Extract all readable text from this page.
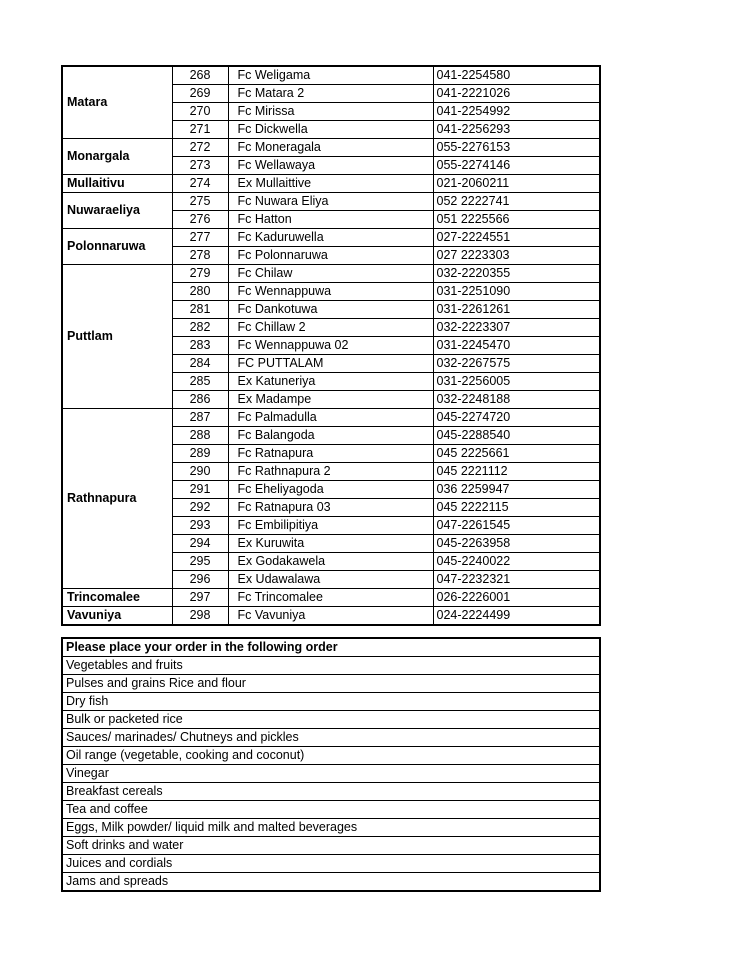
Matara	268	Fc Weligama	041-2254580
	269	Fc Matara 2	041-2221026
	270	Fc Mirissa	041-2254992
	271	Fc Dickwella	041-2256293
Monargala	272	Fc Moneragala	055-2276153
	273	Fc Wellawaya	055-2274146
Mullaitivu	274	Ex Mullaittive	021-2060211
Nuwaraeliya	275	Fc Nuwara Eliya	052 2222741
	276	Fc Hatton	051 2225566
Polonnaruwa	277	Fc Kaduruwella	027-2224551
	278	Fc Polonnaruwa	027 2223303
Puttlam	279	Fc Chilaw	032-2220355
	280	Fc Wennappuwa	031-2251090
	281	Fc Dankotuwa	031-2261261
	282	Fc Chillaw 2	032-2223307
	283	Fc Wennappuwa 02	031-2245470
	284	FC PUTTALAM	032-2267575
	285	Ex Katuneriya	031-2256005
	286	Ex Madampe	032-2248188
Rathnapura	287	Fc Palmadulla	045-2274720
	288	Fc Balangoda	045-2288540
	289	Fc Ratnapura	045 2225661
	290	Fc Rathnapura 2	045 2221112
	291	Fc Eheliyagoda	036 2259947
	292	Fc Ratnapura 03	045 2222115
	293	Fc Embilipitiya	047-2261545
	294	Ex Kuruwita	045-2263958
	295	Ex Godakawela	045-2240022
	296	Ex Udawalawa	047-2232321
Trincomalee	297	Fc Trincomalee	026-2226001
Vavuniya	298	Fc Vavuniya	024-2224499
Please place your order in the following order
Vegetables and fruits
Pulses and grains Rice and flour
Dry fish
Bulk or packeted rice
Sauces/ marinades/ Chutneys and pickles
Oil range (vegetable, cooking and coconut)
Vinegar
Breakfast cereals
Tea and coffee
Eggs, Milk powder/ liquid milk and malted beverages
Soft drinks and water
Juices and cordials
Jams and spreads
